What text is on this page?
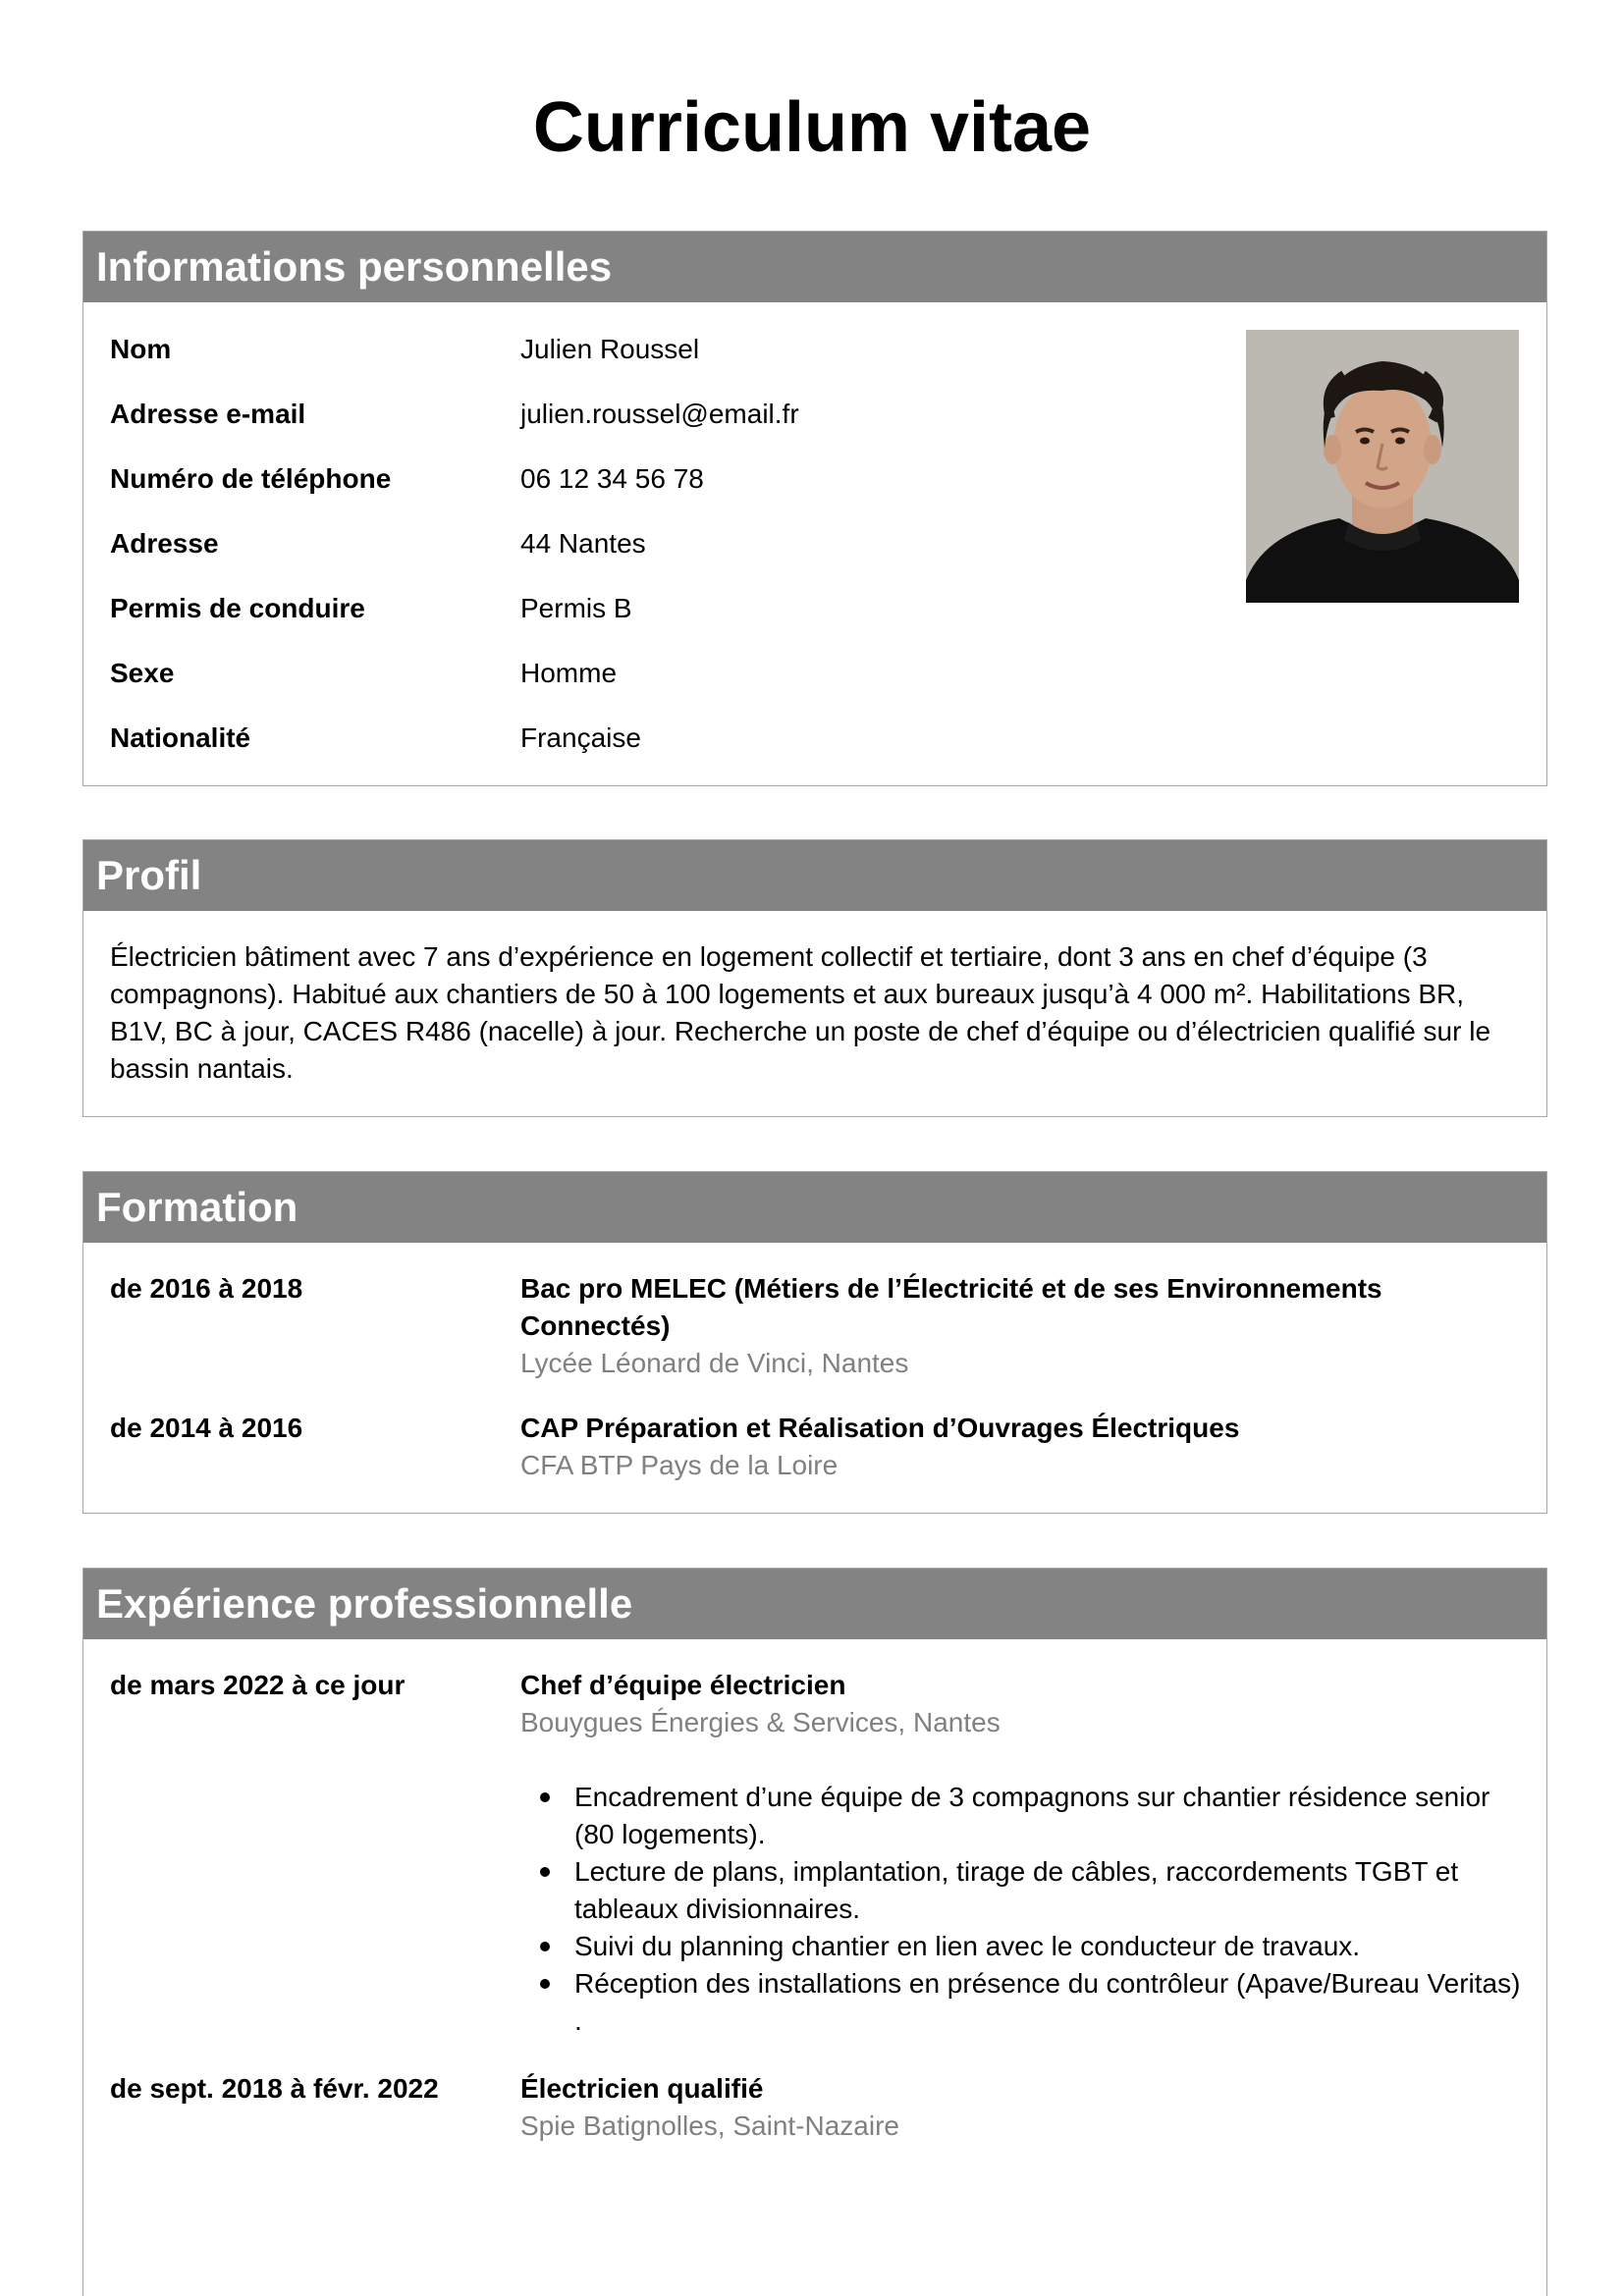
Curriculum vitae
Informations personnelles
Nom	Julien Roussel
Adresse e-mail	julien.roussel@email.fr
Numéro de téléphone	06 12 34 56 78
Adresse	44 Nantes
Permis de conduire	Permis B
Sexe	Homme
Nationalité	Française
Profil
Électricien bâtiment avec 7 ans d’expérience en logement collectif et tertiaire, dont 3 ans en chef d’équipe (3 compagnons). Habitué aux chantiers de 50 à 100 logements et aux bureaux jusqu’à 4 000 m². Habilitations BR, B1V, BC à jour, CACES R486 (nacelle) à jour. Recherche un poste de chef d’équipe ou d’électricien qualifié sur le bassin nantais.
Formation
de 2016 à 2018	Bac pro MELEC (Métiers de l’Électricité et de ses Environnements Connectés)
Lycée Léonard de Vinci, Nantes
de 2014 à 2016	CAP Préparation et Réalisation d’Ouvrages Électriques
CFA BTP Pays de la Loire
Expérience professionnelle
de mars 2022 à ce jour	Chef d’équipe électricien
Bouygues Énergies & Services, Nantes
Encadrement d’une équipe de 3 compagnons sur chantier résidence senior (80 logements).
Lecture de plans, implantation, tirage de câbles, raccordements TGBT et tableaux divisionnaires.
Suivi du planning chantier en lien avec le conducteur de travaux.
Réception des installations en présence du contrôleur (Apave/Bureau Veritas) .
de sept. 2018 à févr. 2022	Électricien qualifié
Spie Batignolles, Saint-Nazaire
